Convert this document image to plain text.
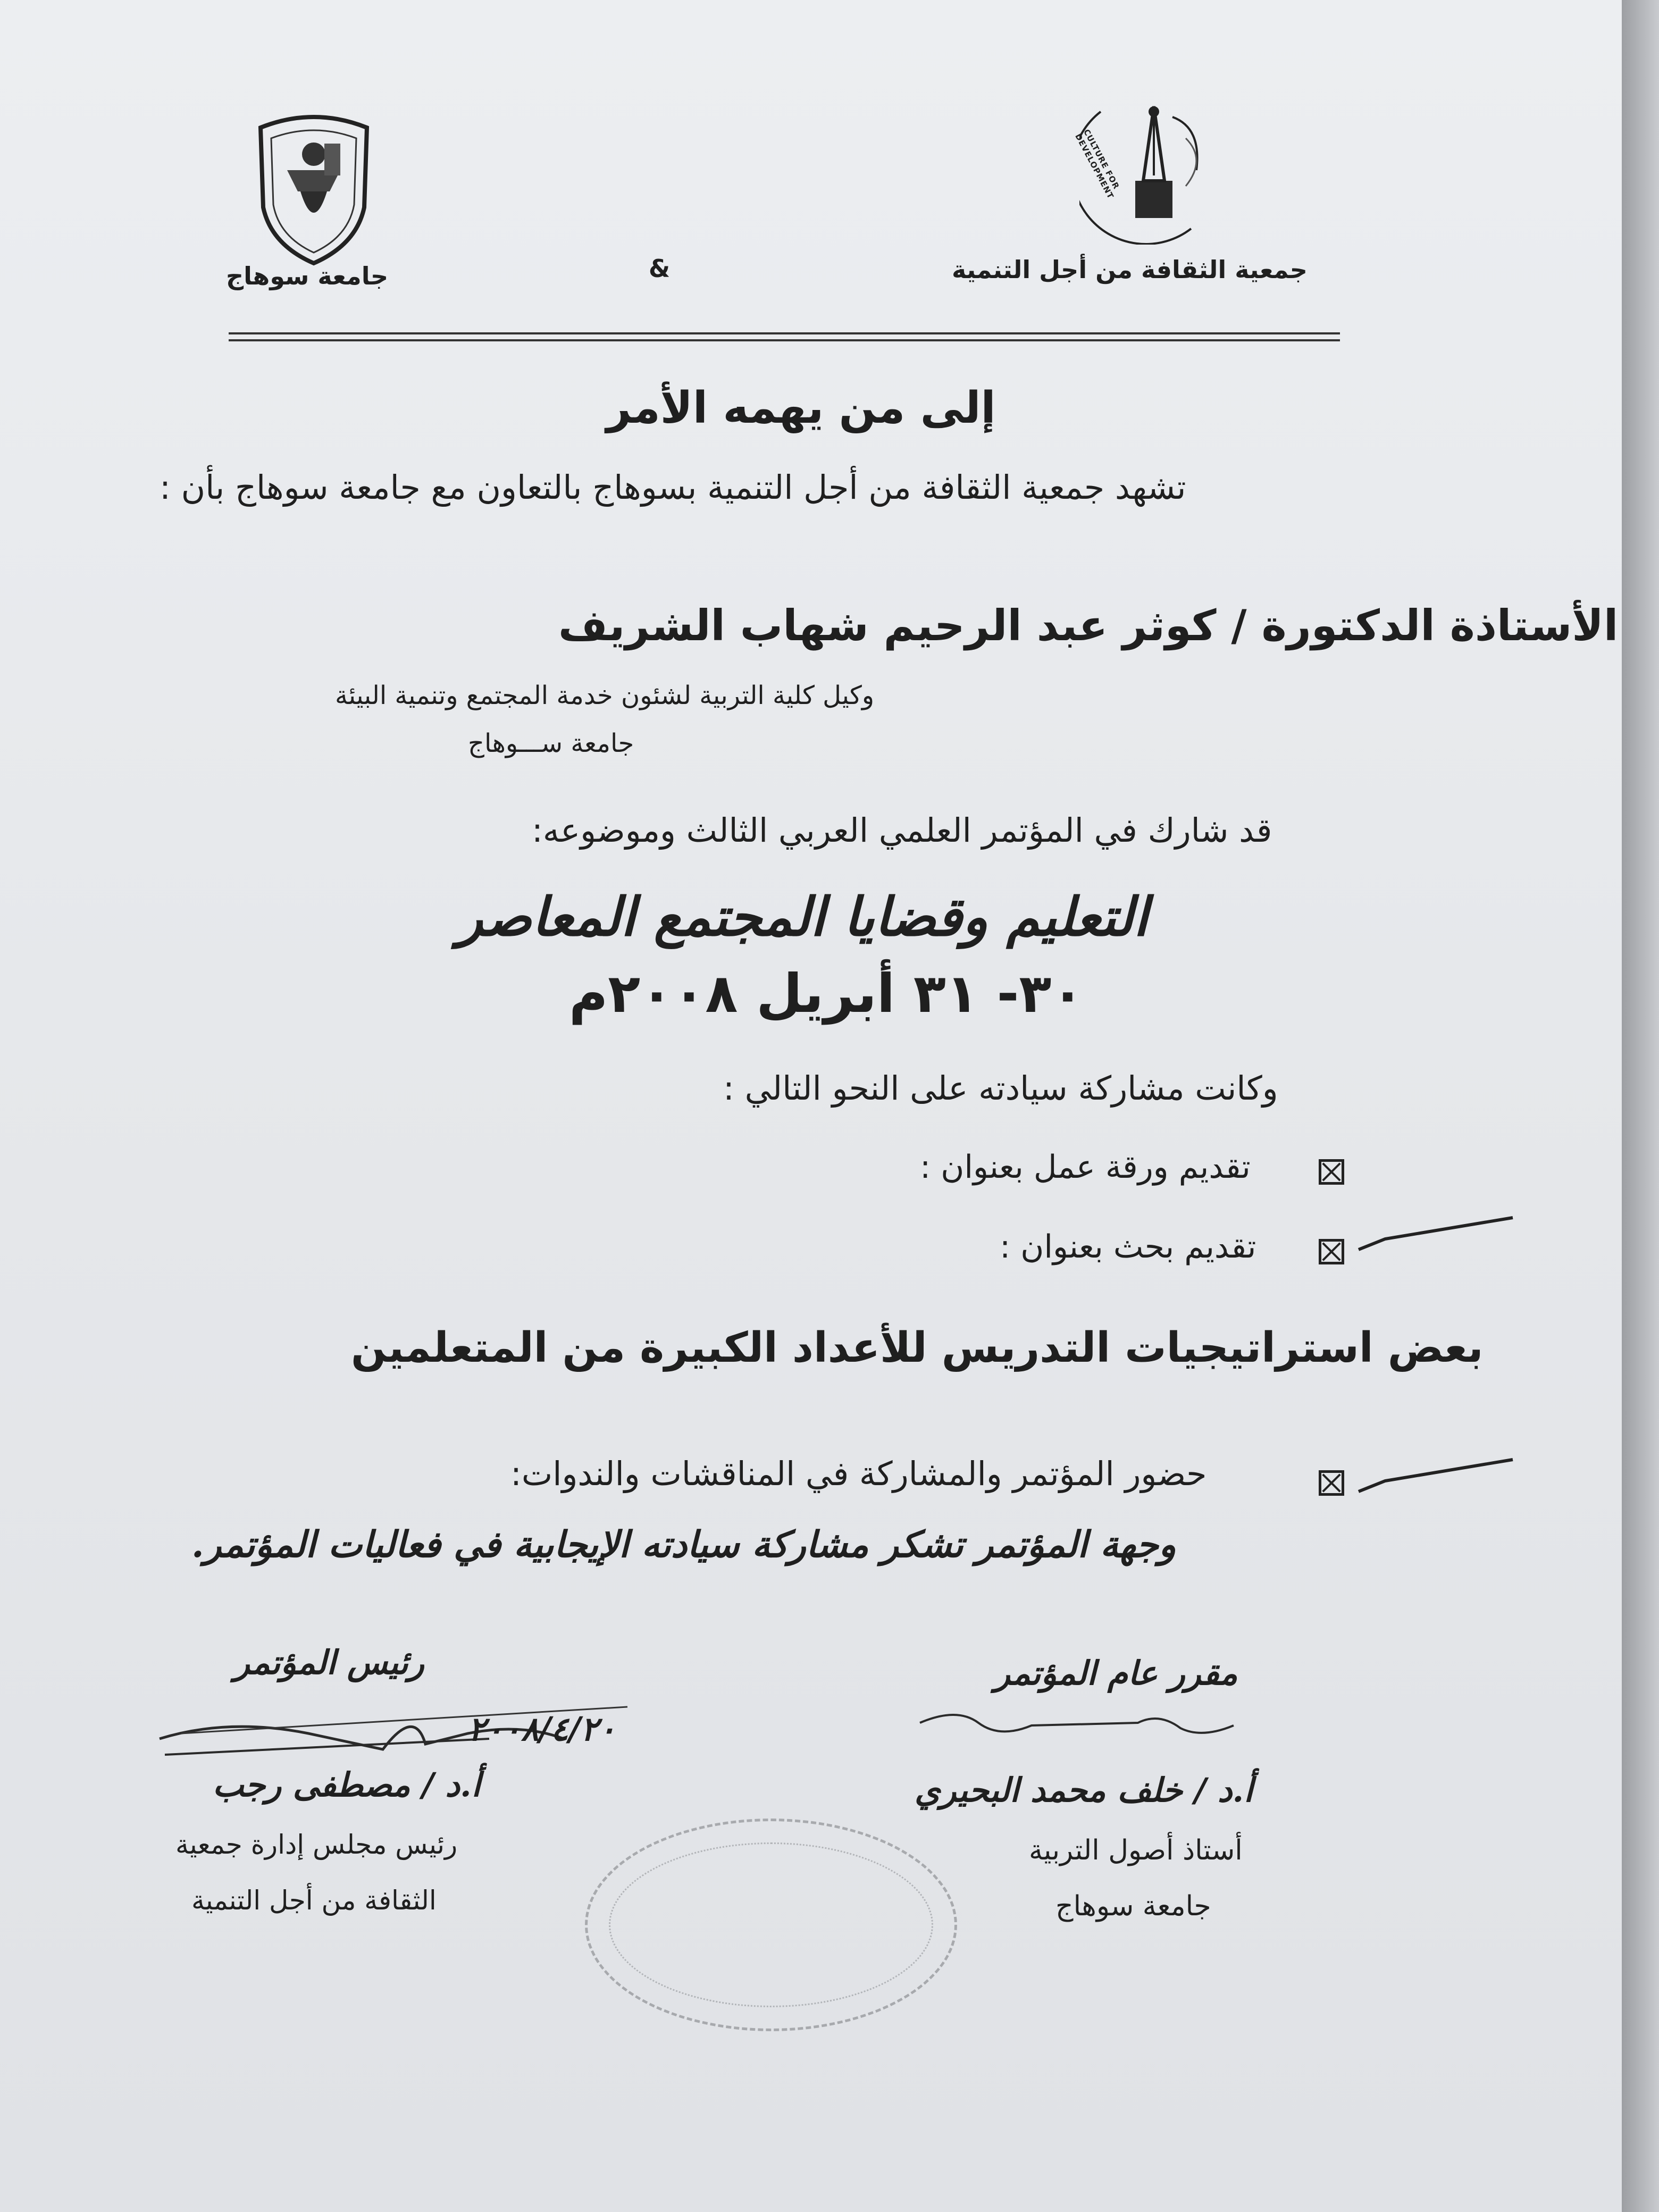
CULTURE FOR DEVELOPMENT
جمعية الثقافة من أجل التنمية
&
جامعة سوهاج
إلى من يهمه الأمر
تشهد جمعية الثقافة من أجل التنمية بسوهاج بالتعاون مع جامعة سوهاج بأن :
الأستاذة الدكتورة / كوثر عبد الرحيم شهاب الشريف
وكيل كلية التربية لشئون خدمة المجتمع وتنمية البيئة
جامعة ســـوهاج
قد شارك في المؤتمر العلمي العربي الثالث وموضوعه:
التعليم وقضايا المجتمع المعاصر
٣٠- ٣١ أبريل ٢٠٠٨م
وكانت مشاركة سيادته على النحو التالي :
تقديم ورقة عمل بعنوان :
تقديم بحث بعنوان :
بعض استراتيجيات التدريس للأعداد الكبيرة من المتعلمين
حضور المؤتمر والمشاركة في المناقشات والندوات:
وجهة المؤتمر تشكر مشاركة سيادته الإيجابية في فعاليات المؤتمر.
مقرر عام المؤتمر
أ.د / خلف محمد البحيري
أستاذ أصول التربية
جامعة سوهاج
رئيس المؤتمر
٢٠٠٨/٤/٢٠
أ.د / مصطفى رجب
رئيس مجلس إدارة جمعية
الثقافة من أجل التنمية
